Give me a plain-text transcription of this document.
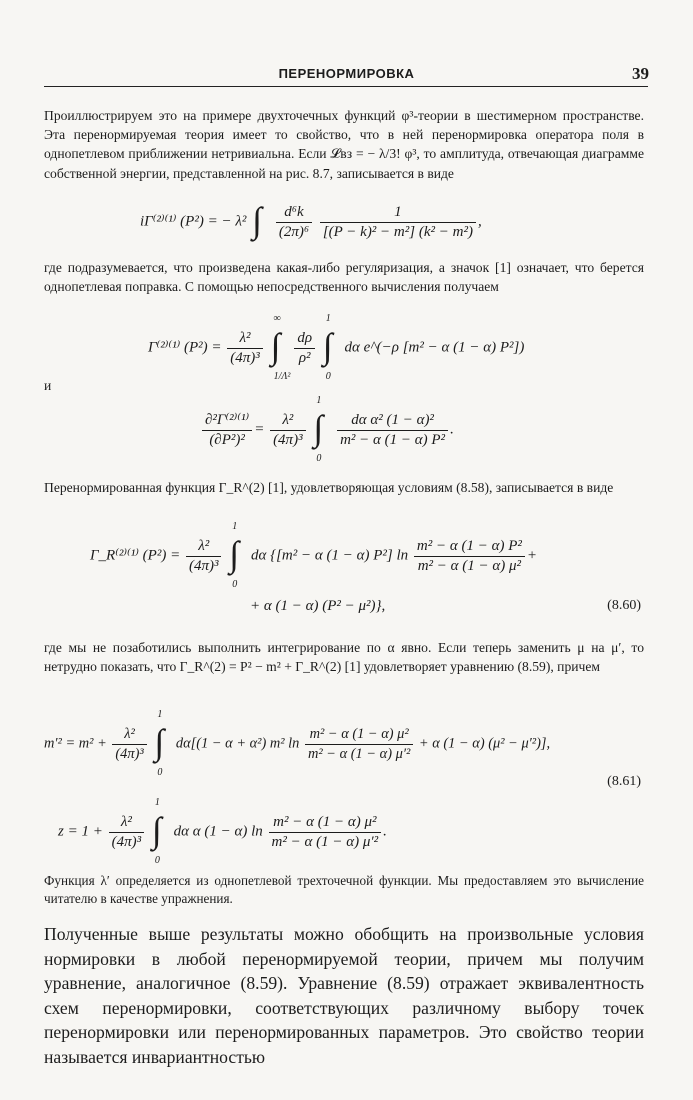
ПЕРЕНОРМИРОВКА	39

Проиллюстрируем это на примере двухточечных функций φ³-теории в шестимерном пространстве. Эта перенормируемая теория имеет то свойство, что в ней перенормировка оператора поля в однопетлевом приближении нетривиальна. Если 𝓛вз = − λ/3! φ³, то амплитуда, отвечающая диаграмме собственной энергии, представленной на рис. 8.7, записывается в виде

iΓ⁽²⁾⁽¹⁾ (P²) = − λ² ∫
$\frac{\text{d⁶k}}{\text{(2π)⁶}}$
$\frac{1}{\text{[(P − k)² − m²] (k² − m²)}}$ ,

где подразумевается, что произведена какая-либо регуляризация, а значок [1] означает, что берется однопетлевая поправка. С помощью непосредственного вычисления получаем

Γ⁽²⁾⁽¹⁾ $(P^2) = \frac{\text{λ²}}{\text{(4π)³}}$

∞
∫
1/Λ²

$\frac{d\rho}{\text{ρ²}}$

1
∫
0
dα e^(−ρ [m² − α (1 − α) P²])

и

$\frac{\text{∂²Γ⁽²⁾⁽¹⁾}}{\text{(∂P²)²}} = \frac{\text{λ²}}{\text{(4π)³}}$

1
∫
0

$\frac{\text{dα α² (1 − α)²}}{\text{m² − α (1 − α) P²}}$ .

Перенормированная функция Γ_R^(2) [1], удовлетворяющая условиям (8.58), записывается в виде

Γ_R⁽²⁾⁽¹⁾ $(P^2) = \frac{\text{λ²}}{\text{(4π)³}}$

1
∫
0
dα {[m² − α (1 − α) P²] $\ln \frac{\text{m² − α (1 − α) P²}}{\text{m² − α (1 − α) μ²}}$ +
+ α (1 − α) (P² − μ²)},	(8.60)

где мы не позаботились выполнить интегрирование по α явно. Если теперь заменить μ на μ′, то нетрудно показать, что Γ_R^(2) = P² − m² + Γ_R^(2) [1] удовлетворяет уравнению (8.59), причем

$m'^2 = m^2 + \frac{\text{λ²}}{\text{(4π)³}}$

1
∫
0
dα[(1 − α + α²) m² $\ln \frac{\text{m² − α (1 − α) μ²}}{\text{m² − α (1 − α) μ′²}} + \alpha$ (1 − α) (μ² − μ′²)],
(8.61)
$z = 1 + \frac{\text{λ²}}{\text{(4π)³}}$

1
∫
0
dα α (1 − α) $\ln \frac{\text{m² − α (1 − α) μ²}}{\text{m² − α (1 − α) μ′²}}$ .

Функция λ′ определяется из однопетлевой трехточечной функции. Мы предоставляем это вычисление читателю в качестве упражнения.

Полученные выше результаты можно обобщить на произвольные условия нормировки в любой перенормируемой теории, причем мы получим уравнение, аналогичное (8.59). Уравнение (8.59) отражает эквивалентность схем перенормировки, соответствующих различному выбору точек перенормировки или перенормированных параметров. Это свойство теории называется инвариантностью
